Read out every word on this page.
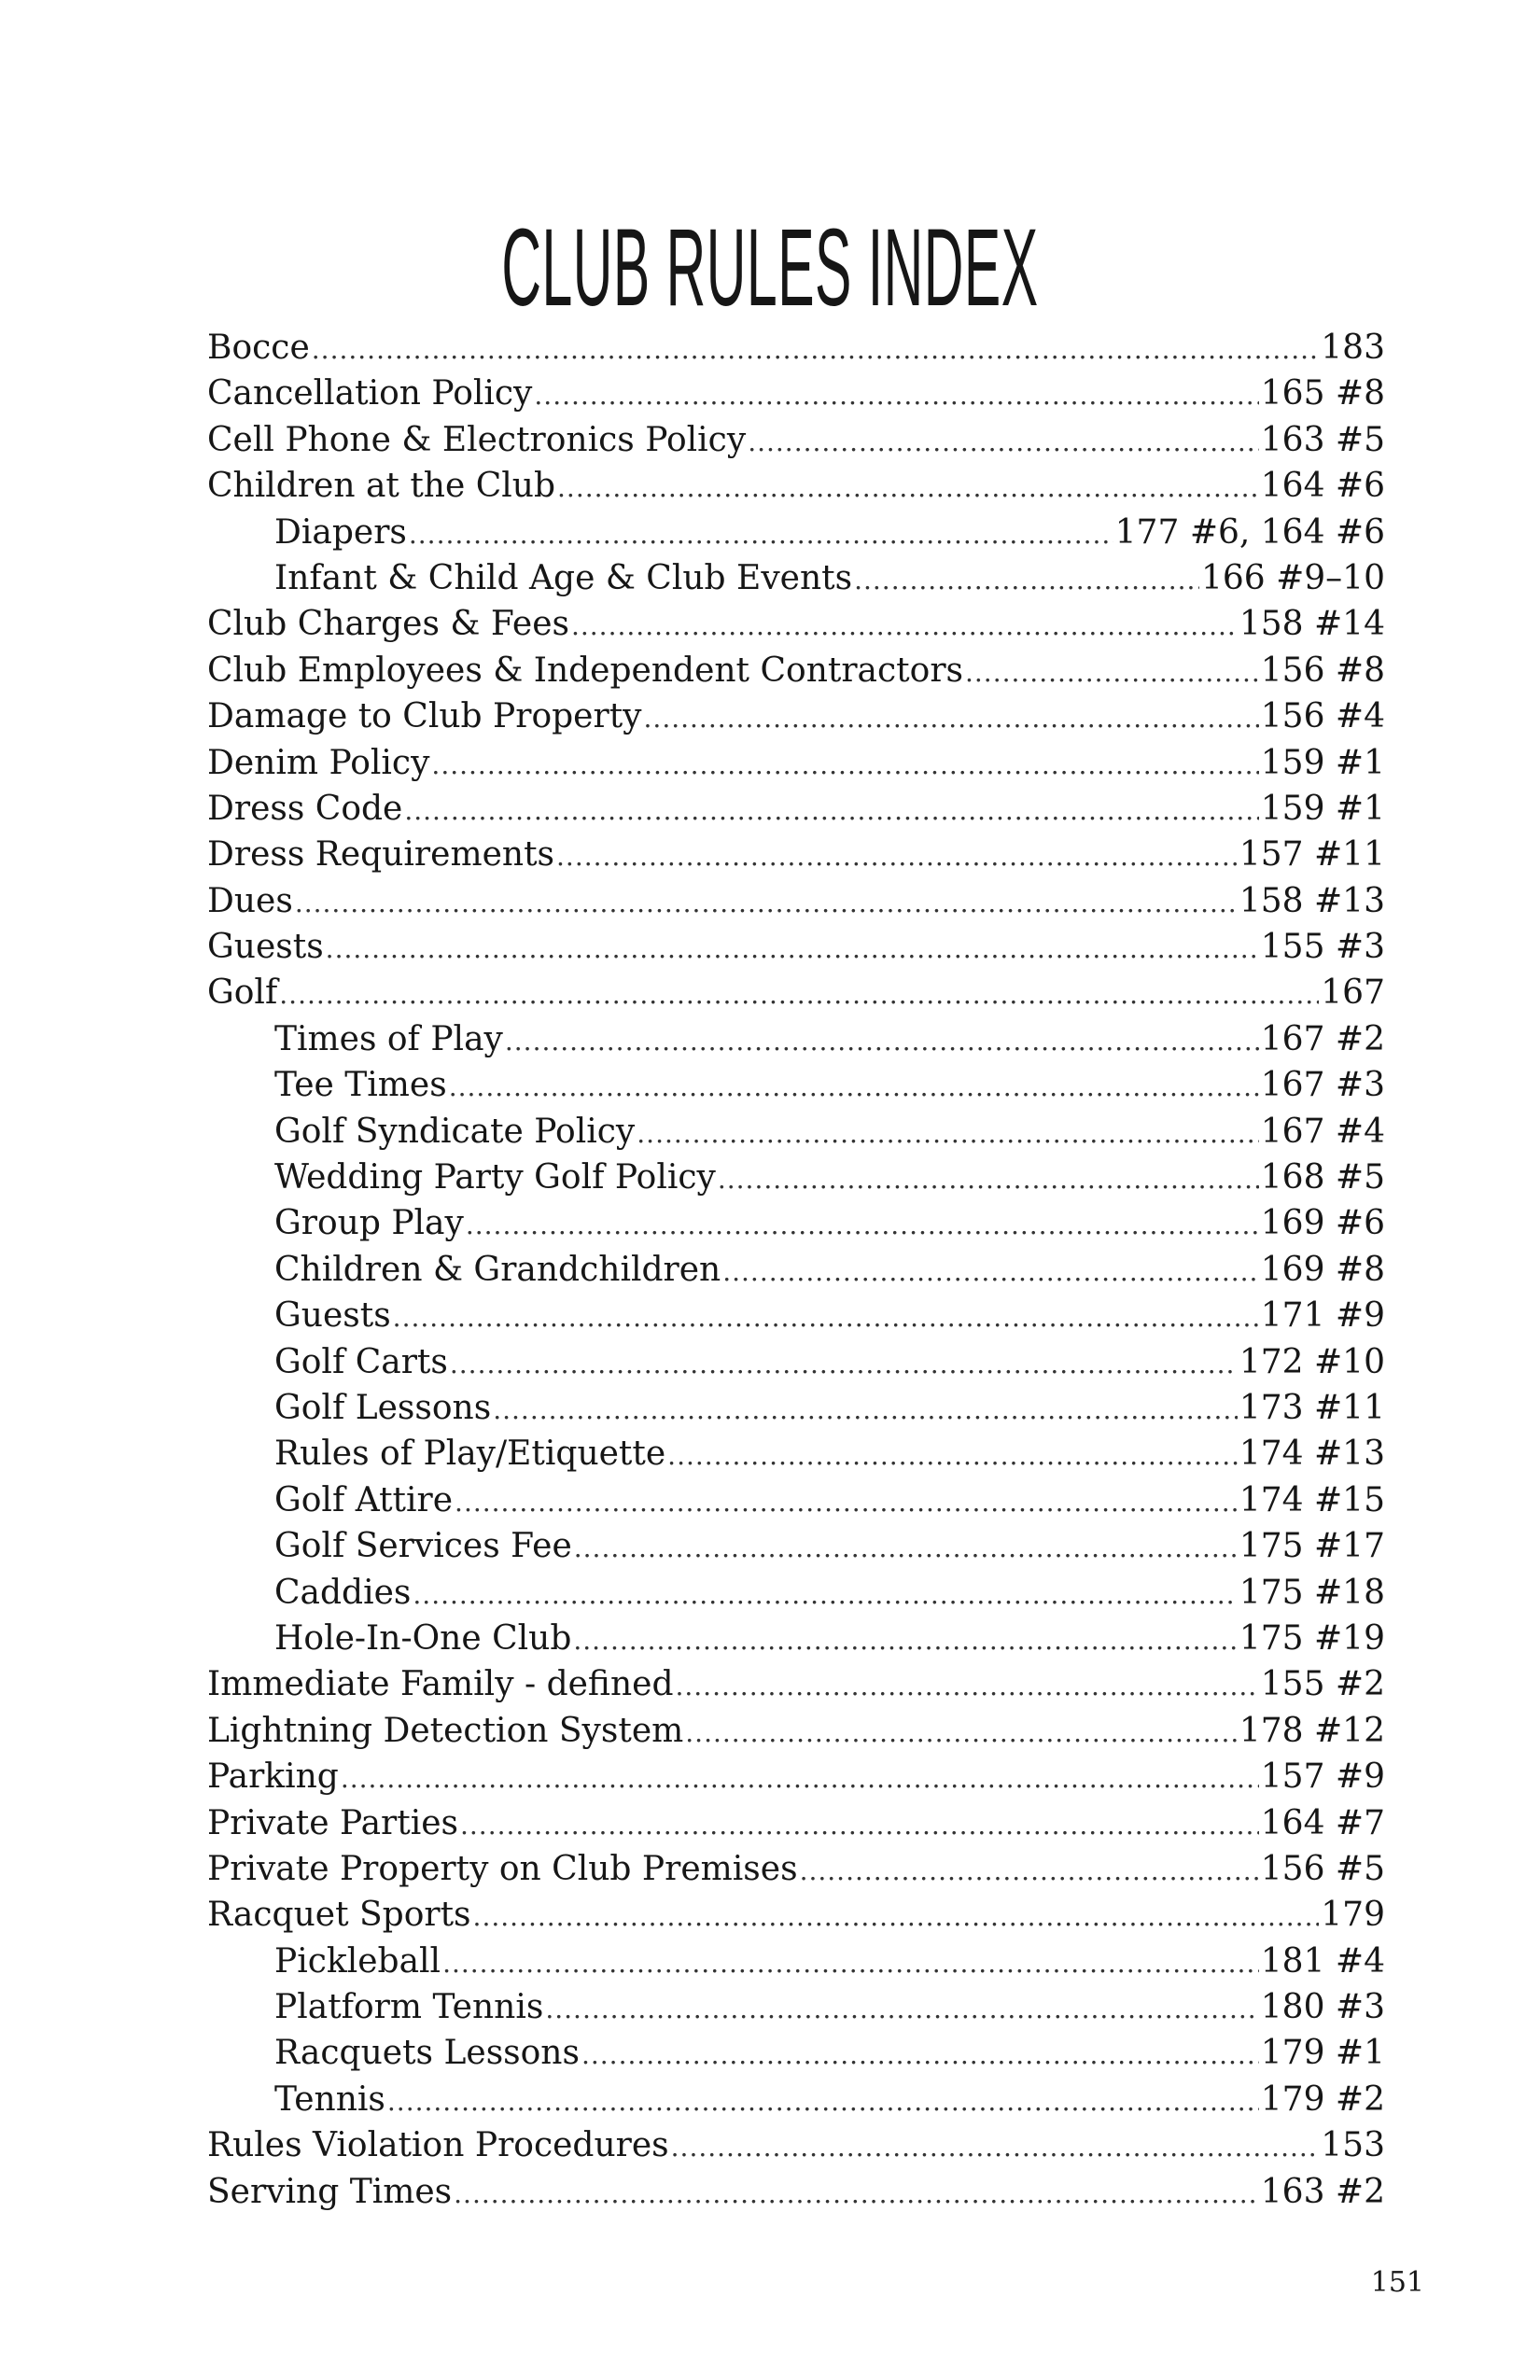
CLUB RULES INDEX
Bocce .....	183
Cancellation Policy .....	165 #8
Cell Phone & Electronics Policy .....	163 #5
Children at the Club .....	164 #6
Diapers .....	177 #6, 164 #6
Infant & Child Age & Club Events .....	166 #9–10
Club Charges & Fees .....	158 #14
Club Employees & Independent Contractors .....	156 #8
Damage to Club Property .....	156 #4
Denim Policy .....	159 #1
Dress Code .....	159 #1
Dress Requirements .....	157 #11
Dues .....	158 #13
Guests .....	155 #3
Golf .....	167
Times of Play .....	167 #2
Tee Times .....	167 #3
Golf Syndicate Policy .....	167 #4
Wedding Party Golf Policy .....	168 #5
Group Play .....	169 #6
Children & Grandchildren .....	169 #8
Guests .....	171 #9
Golf Carts .....	172 #10
Golf Lessons .....	173 #11
Rules of Play/Etiquette .....	174 #13
Golf Attire .....	174 #15
Golf Services Fee .....	175 #17
Caddies .....	175 #18
Hole-In-One Club .....	175 #19
Immediate Family - defined .....	155 #2
Lightning Detection System .....	178 #12
Parking .....	157 #9
Private Parties .....	164 #7
Private Property on Club Premises .....	156 #5
Racquet Sports .....	179
Pickleball .....	181 #4
Platform Tennis .....	180 #3
Racquets Lessons .....	179 #1
Tennis .....	179 #2
Rules Violation Procedures .....	153
Serving Times .....	163 #2
151
